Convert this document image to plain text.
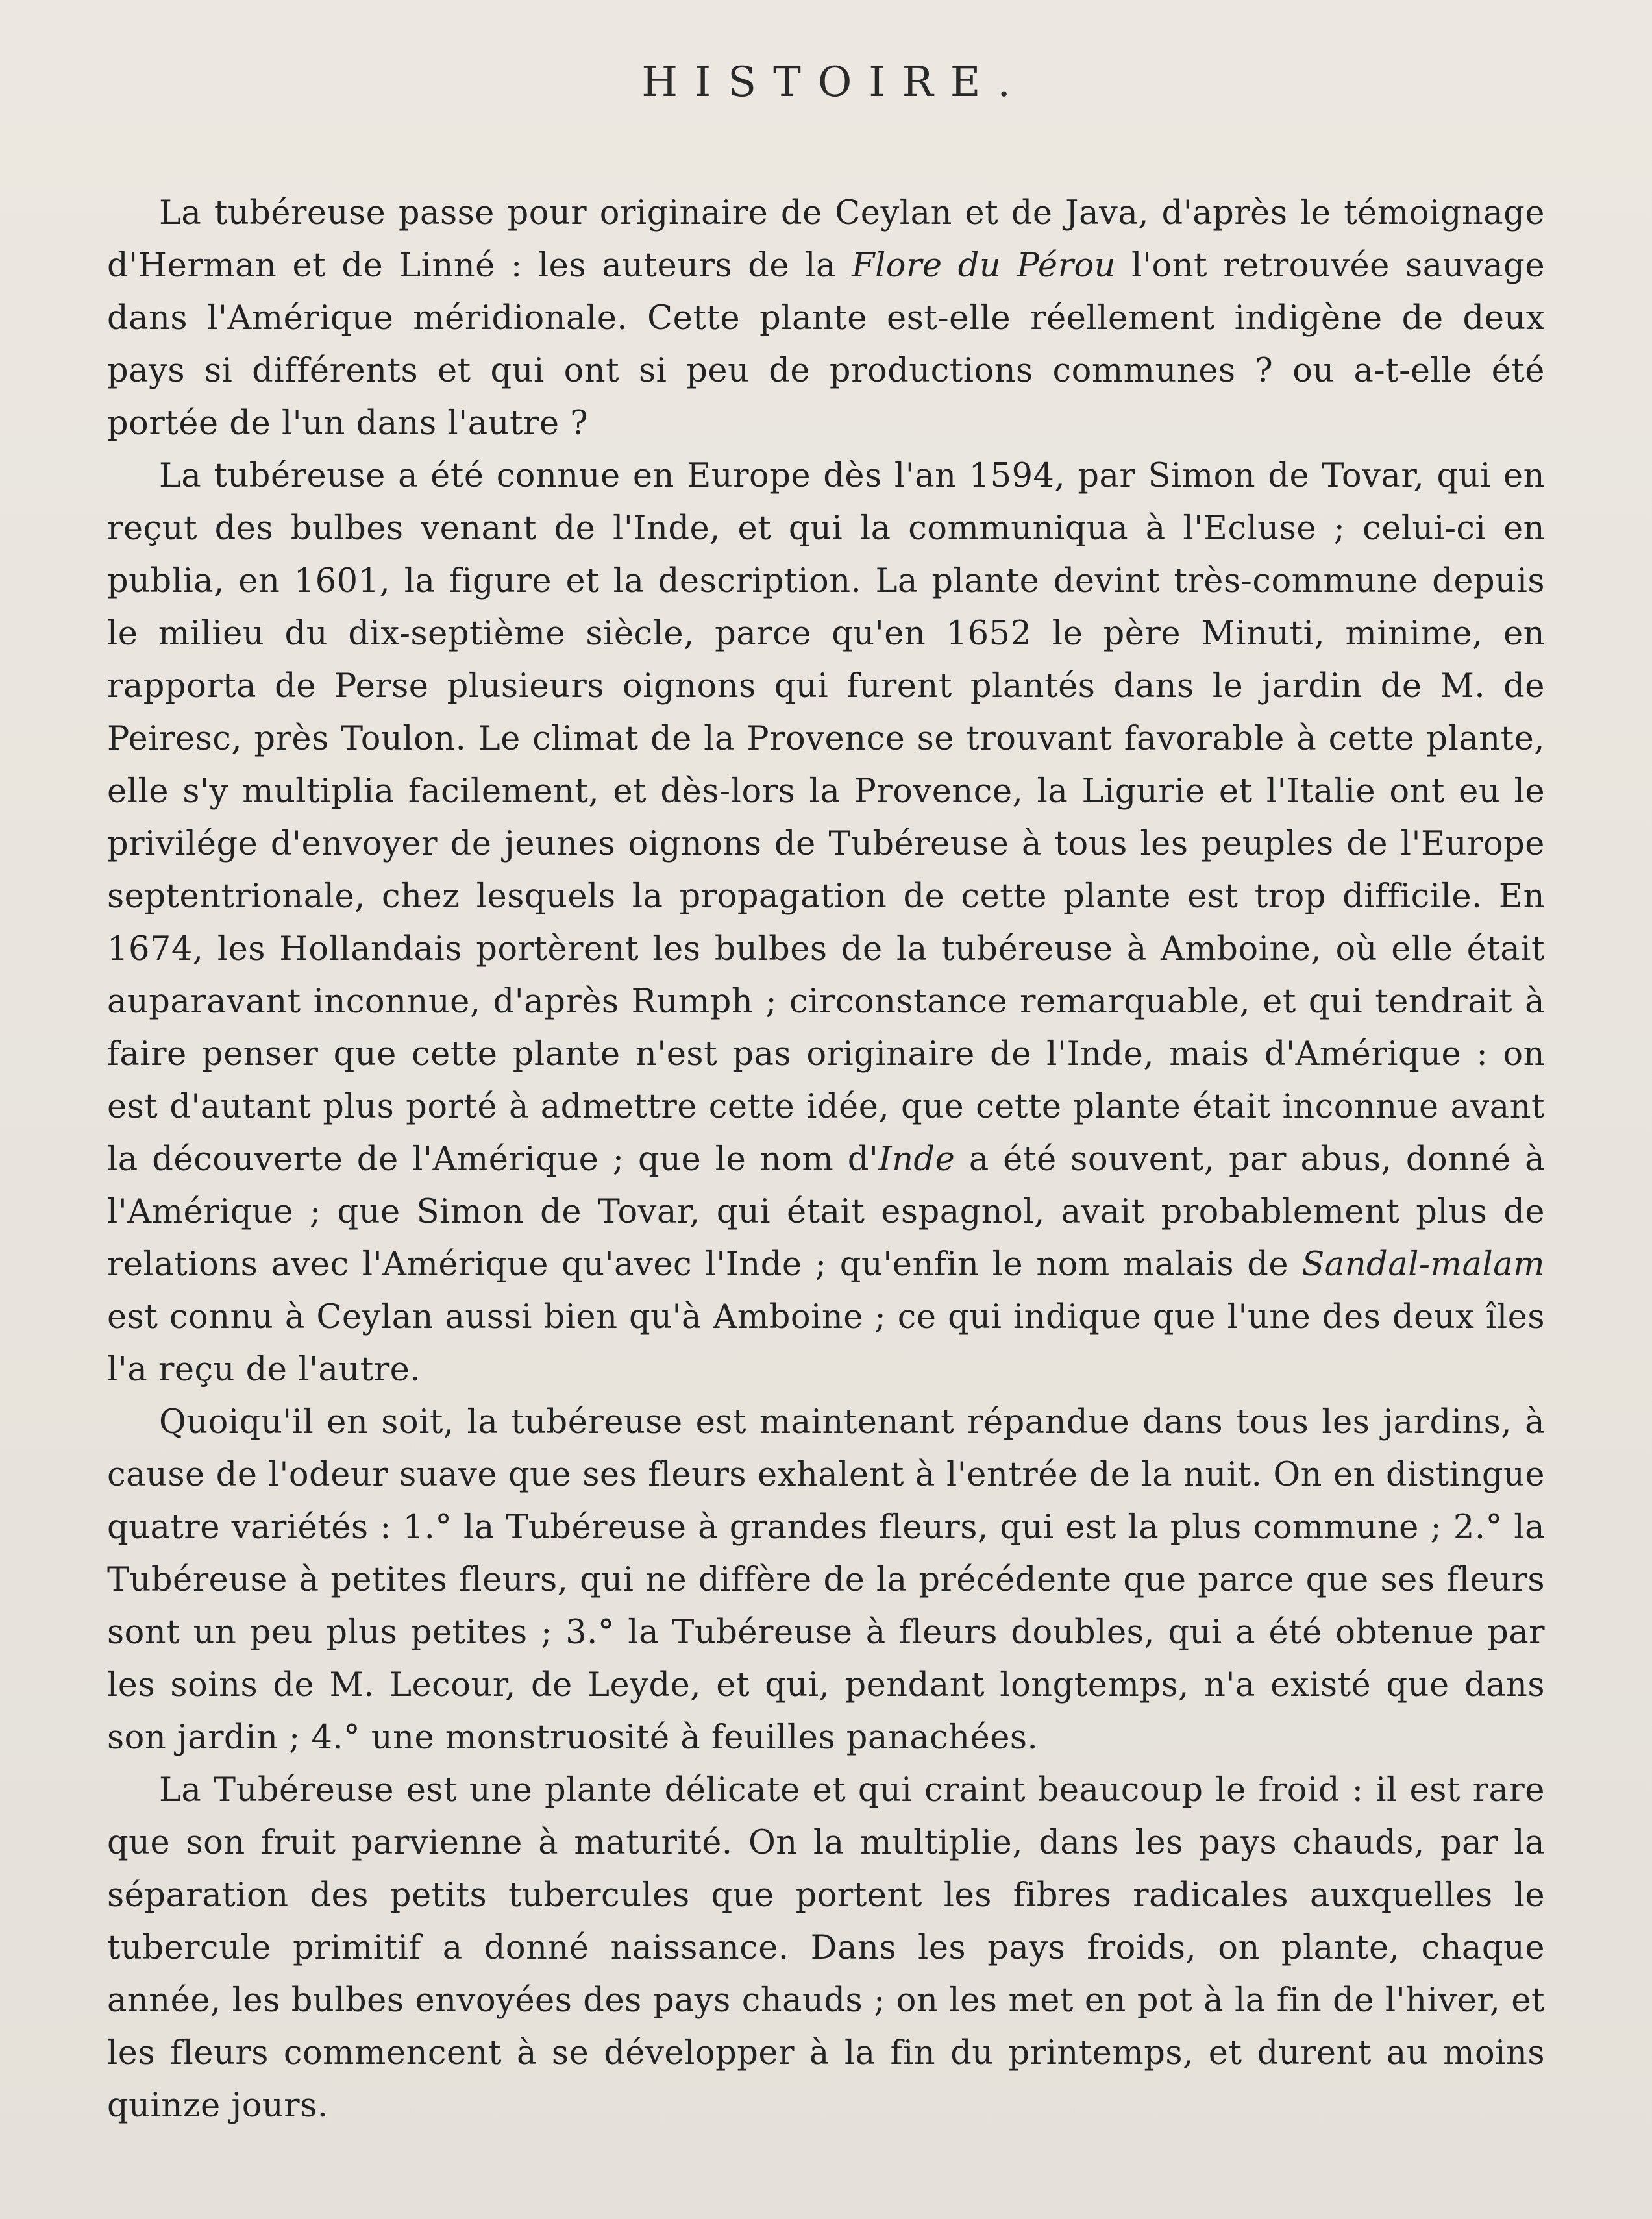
HISTOIRE.

La tubéreuse passe pour originaire de Ceylan et de Java, d'après le témoignage d'Herman et de Linné : les auteurs de la Flore du Pérou l'ont retrouvée sauvage dans l'Amérique méridionale. Cette plante est-elle réellement indigène de deux pays si différents et qui ont si peu de productions communes ? ou a-t-elle été portée de l'un dans l'autre ?

La tubéreuse a été connue en Europe dès l'an 1594, par Simon de Tovar, qui en reçut des bulbes venant de l'Inde, et qui la communiqua à l'Ecluse ; celui-ci en publia, en 1601, la figure et la description. La plante devint très-commune depuis le milieu du dix-septième siècle, parce qu'en 1652 le père Minuti, minime, en rapporta de Perse plusieurs oignons qui furent plantés dans le jardin de M. de Peiresc, près Toulon. Le climat de la Provence se trouvant favorable à cette plante, elle s'y multiplia facilement, et dès-lors la Provence, la Ligurie et l'Italie ont eu le privilége d'envoyer de jeunes oignons de Tubéreuse à tous les peuples de l'Europe septentrionale, chez lesquels la propagation de cette plante est trop difficile. En 1674, les Hollandais portèrent les bulbes de la tubéreuse à Amboine, où elle était auparavant inconnue, d'après Rumph ; circonstance remarquable, et qui tendrait à faire penser que cette plante n'est pas originaire de l'Inde, mais d'Amérique : on est d'autant plus porté à admettre cette idée, que cette plante était inconnue avant la découverte de l'Amérique ; que le nom d'Inde a été souvent, par abus, donné à l'Amérique ; que Simon de Tovar, qui était espagnol, avait probablement plus de relations avec l'Amérique qu'avec l'Inde ; qu'enfin le nom malais de Sandal-malam est connu à Ceylan aussi bien qu'à Amboine ; ce qui indique que l'une des deux îles l'a reçu de l'autre.

Quoiqu'il en soit, la tubéreuse est maintenant répandue dans tous les jardins, à cause de l'odeur suave que ses fleurs exhalent à l'entrée de la nuit. On en distingue quatre variétés : 1.° la Tubéreuse à grandes fleurs, qui est la plus commune ; 2.° la Tubéreuse à petites fleurs, qui ne diffère de la précédente que parce que ses fleurs sont un peu plus petites ; 3.° la Tubéreuse à fleurs doubles, qui a été obtenue par les soins de M. Lecour, de Leyde, et qui, pendant longtemps, n'a existé que dans son jardin ; 4.° une monstruosité à feuilles panachées.

La Tubéreuse est une plante délicate et qui craint beaucoup le froid : il est rare que son fruit parvienne à maturité. On la multiplie, dans les pays chauds, par la séparation des petits tubercules que portent les fibres radicales auxquelles le tubercule primitif a donné naissance. Dans les pays froids, on plante, chaque année, les bulbes envoyées des pays chauds ; on les met en pot à la fin de l'hiver, et les fleurs commencent à se développer à la fin du printemps, et durent au moins quinze jours.
